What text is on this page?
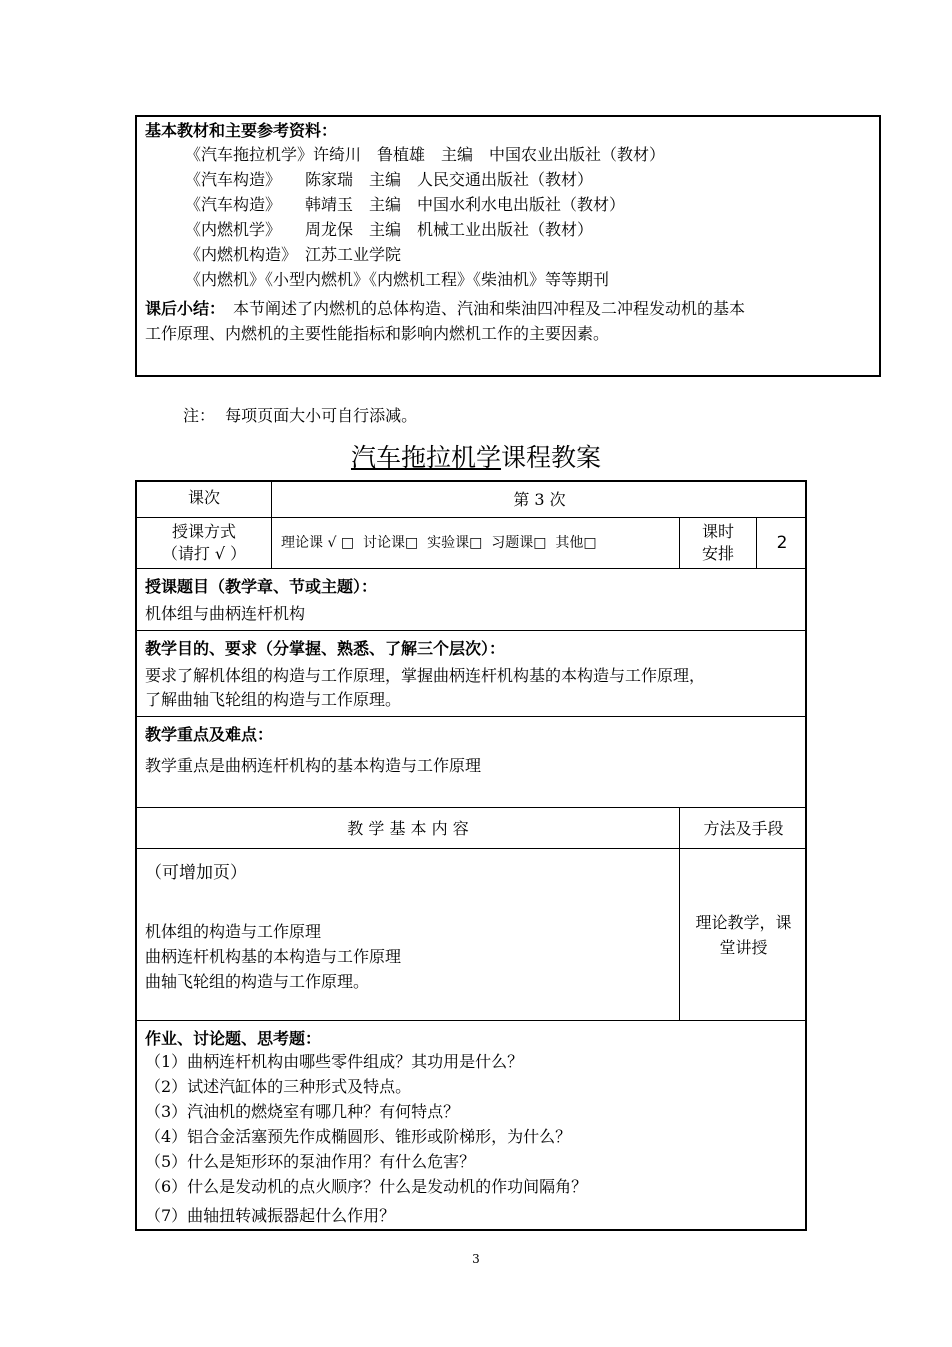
基本教材和主要参考资料：
《汽车拖拉机学》许绮川　鲁植雄　主编　中国农业出版社（教材）
《汽车构造》　　陈家瑞　主编　人民交通出版社（教材）
《汽车构造》　　韩靖玉　主编　中国水利水电出版社（教材）
《内燃机学》　　周龙保　主编　机械工业出版社（教材）
《内燃机构造》　江苏工业学院
《内燃机》《小型内燃机》《内燃机工程》《柴油机》等等期刊
课后小结：　本节阐述了内燃机的总体构造、汽油和柴油四冲程及二冲程发动机的基本
工作原理、内燃机的主要性能指标和影响内燃机工作的主要因素。
注：  每项页面大小可自行添减。
汽车拖拉机学课程教案
课次	第 3 次
授课方式
（请打 √ ）
理论课 √ □  讨论课□  实验课□  习题课□  其他□
课时
安排
2
授课题目（教学章、节或主题）：
机体组与曲柄连杆机构
教学目的、要求（分掌握、熟悉、了解三个层次）：
要求了解机体组的构造与工作原理，掌握曲柄连杆机构基的本构造与工作原理，
了解曲轴飞轮组的构造与工作原理。
教学重点及难点：
教学重点是曲柄连杆机构的基本构造与工作原理
教 学 基 本 内 容	方法及手段
（可增加页）
机体组的构造与工作原理
曲柄连杆机构基的本构造与工作原理
曲轴飞轮组的构造与工作原理。
理论教学，课
堂讲授
作业、讨论题、思考题：
（1）曲柄连杆机构由哪些零件组成？其功用是什么？
（2）试述汽缸体的三种形式及特点。
（3）汽油机的燃烧室有哪几种？有何特点？
（4）铝合金活塞预先作成椭圆形、锥形或阶梯形，为什么？
（5）什么是矩形环的泵油作用？有什么危害？
（6）什么是发动机的点火顺序？什么是发动机的作功间隔角？
（7）曲轴扭转减振器起什么作用？
3
